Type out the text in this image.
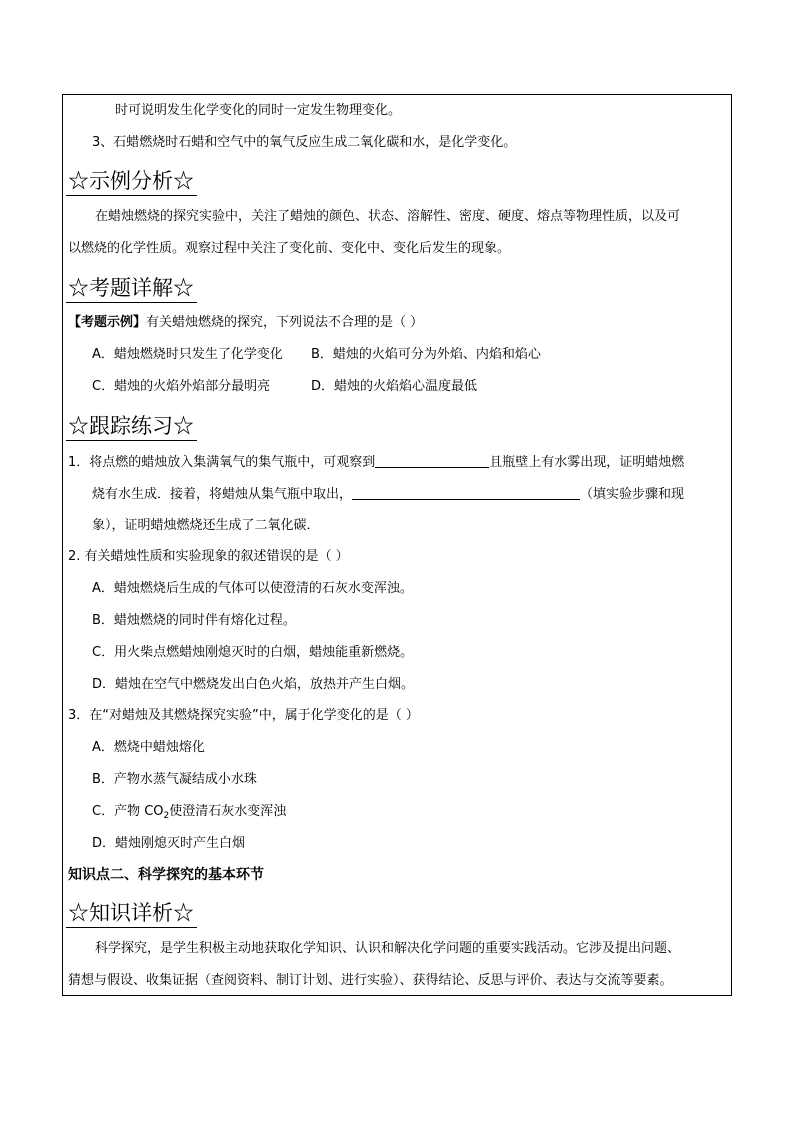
时可说明发生化学变化的同时一定发生物理变化。
3、石蜡燃烧时石蜡和空气中的氧气反应生成二氧化碳和水，是化学变化。
☆示例分析☆
在蜡烛燃烧的探究实验中，关注了蜡烛的颜色、状态、溶解性、密度、硬度、熔点等物理性质，以及可
以燃烧的化学性质。观察过程中关注了变化前、变化中、变化后发生的现象。
☆考题详解☆
【考题示例】有关蜡烛燃烧的探究，下列说法不合理的是（ ）
A．蜡烛燃烧时只发生了化学变化 B．蜡烛的火焰可分为外焰、内焰和焰心
C．蜡烛的火焰外焰部分最明亮	D．蜡烛的火焰焰心温度最低
☆跟踪练习☆
1．将点燃的蜡烛放入集满氧气的集气瓶中，可观察到	且瓶壁上有水雾出现，证明蜡烛燃
烧有水生成．接着，将蜡烛从集气瓶中取出，	（填实验步骤和现
象），证明蜡烛燃烧还生成了二氧化碳．
2. 有关蜡烛性质和实验现象的叙述错误的是（ ）
A．蜡烛燃烧后生成的气体可以使澄清的石灰水变浑浊。
B．蜡烛燃烧的同时伴有熔化过程。
C．用火柴点燃蜡烛刚熄灭时的白烟，蜡烛能重新燃烧。
D．蜡烛在空气中燃烧发出白色火焰，放热并产生白烟。
3．在“对蜡烛及其燃烧探究实验”中，属于化学变化的是（ ）
A．燃烧中蜡烛熔化
B．产物水蒸气凝结成小水珠
C．产物 $CO_2$使澄清石灰水变浑浊
D．蜡烛刚熄灭时产生白烟
知识点二、科学探究的基本环节
☆知识详析☆
科学探究，是学生积极主动地获取化学知识、认识和解决化学问题的重要实践活动。它涉及提出问题、
猜想与假设、收集证据（查阅资料、制订计划、进行实验）、获得结论、反思与评价、表达与交流等要素。
